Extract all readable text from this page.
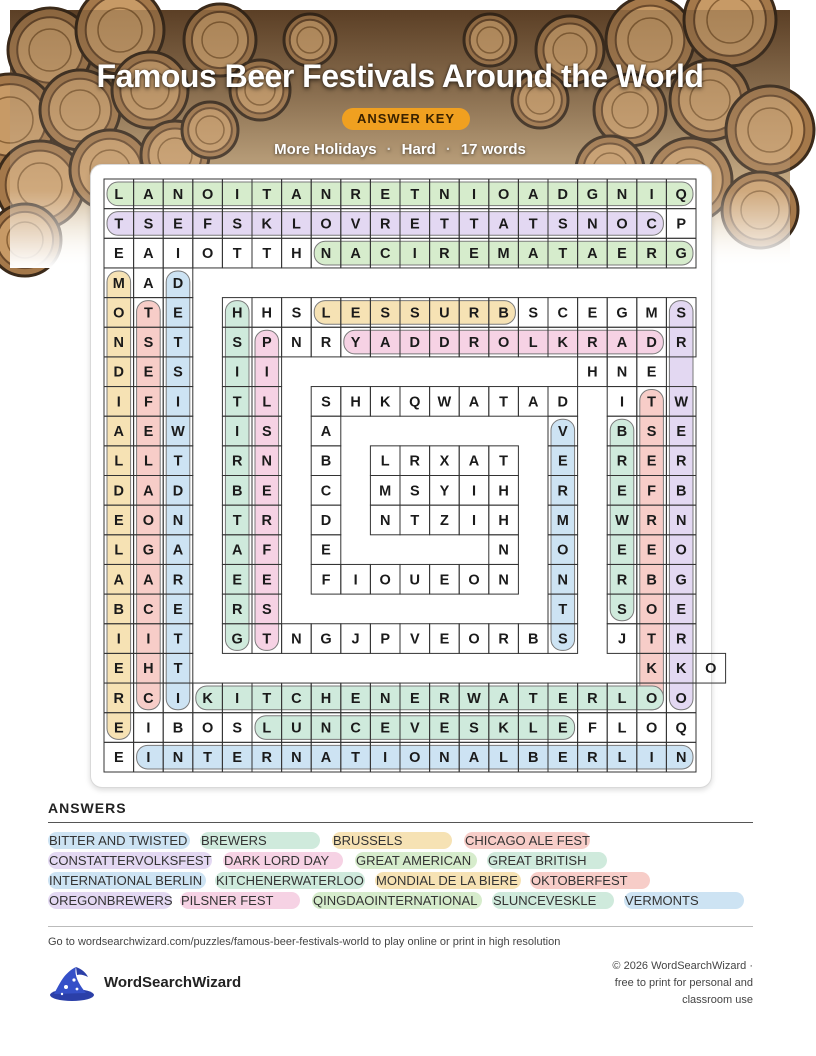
Famous Beer Festivals Around the World
ANSWER KEY
More Holidays · Hard · 17 words
L A N O I T A N R E T N I O A D G N I Q
T S E F S K L O V R E T T A T S N O C P
E A I O T T H N A C I R E M A T A E R G
M A D
O T E	H H S L E S S U R B S C E G M S
N S T	S P N R Y A D D R O L K R A D R
D E S	I I	H N E
I F I	T L	S H K Q W A T A D	I T W
A E W	I S	A	V	B S E
L L T	R N	B	L R X A T	E	R E R
D A D	B E	C	M S Y I H	R	E F B
E O N	T R	D	N T Z I H	M	W R N
L G A	A F	E	N	O	E E O
A A R	E E	F I O U E O N	N	R B G
B C E	R S	T	S O E
I I T	G T N G J P V E O R B S	J T R
E H T	K K O
R C I K I T C H E N E R W A T E R L O O
E I B O S L U N C E V E S K L E F L O Q
E I N T E R N A T I O N A L B E R L I N
ANSWERS
BITTER AND TWISTED BREWERS	BRUSSELS	CHICAGO ALE FEST
CONSTATTERVOLKSFEST DARK LORD DAY GREAT AMERICAN GREAT BRITISH
INTERNATIONAL BERLIN KITCHENERWATERLOO MONDIAL DE LA BIERE OKTOBERFEST
OREGONBREWERS PILSNER FEST	QINGDAOINTERNATIONAL SLUNCEVESKLE VERMONTS
Go to wordsearchwizard.com/puzzles/famous-beer-festivals-world to play online or print in high resolution
WordSearchWizard
© 2026 WordSearchWizard ·
free to print for personal and
classroom use
